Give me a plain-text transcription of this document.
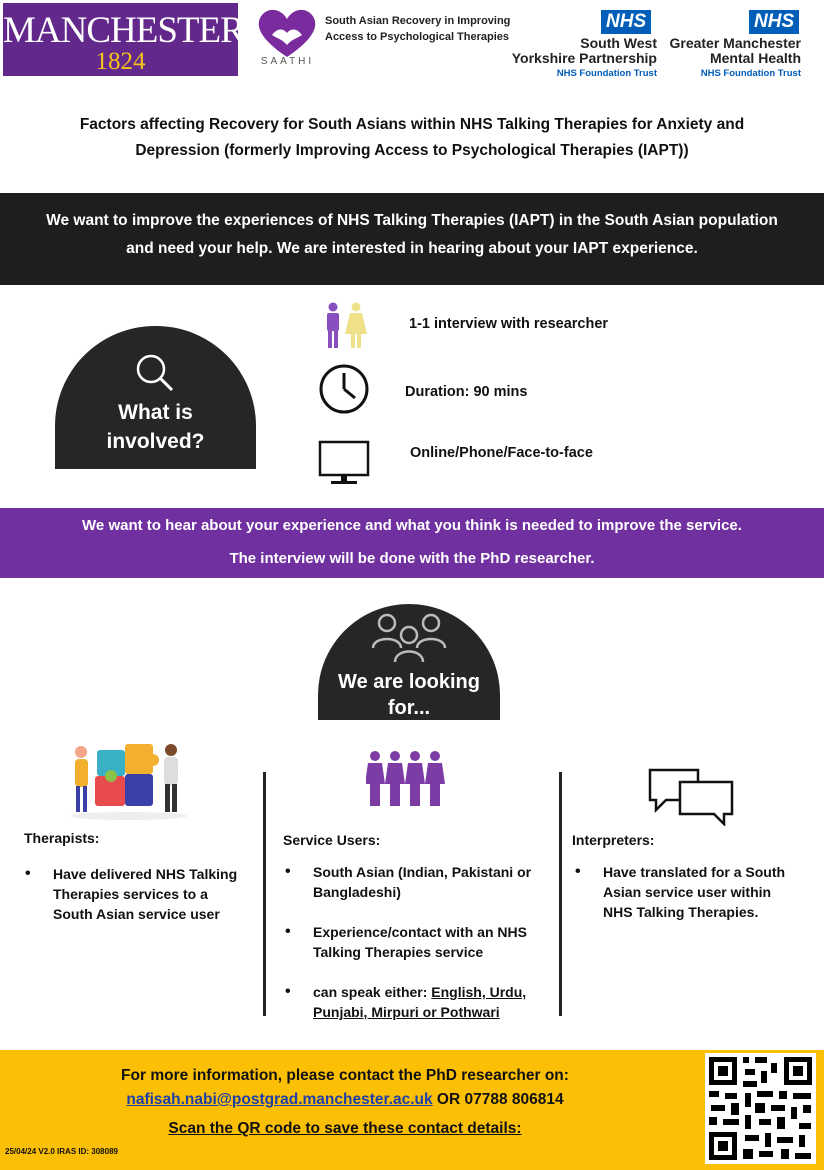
MANCHESTER
1824	SAATHI
South Asian Recovery in Improving
Access to Psychological Therapies
NHS
South West
Yorkshire Partnership
NHS Foundation Trust
NHS
Greater Manchester
Mental Health
NHS Foundation Trust
Factors affecting Recovery for South Asians within NHS Talking Therapies for Anxiety and
Depression (formerly Improving Access to Psychological Therapies (IAPT))
We want to improve the experiences of NHS Talking Therapies (IAPT) in the South Asian population
and need your help. We are interested in hearing about your IAPT experience.
What is
involved?
1-1 interview with researcher
Duration: 90 mins
Online/Phone/Face-to-face
We want to hear about your experience and what you think is needed to improve the service.
The interview will be done with the PhD researcher.
We are looking
for...
Therapists:
• Have delivered NHS Talking Therapies services to a South Asian service user
Service Users:
• South Asian (Indian, Pakistani or Bangladeshi)
• Experience/contact with an NHS Talking Therapies service
• can speak either: English, Urdu, Punjabi, Mirpuri or Pothwari
Interpreters:
• Have translated for a South Asian service user within NHS Talking Therapies.
For more information, please contact the PhD researcher on:
nafisah.nabi@postgrad.manchester.ac.uk OR 07788 806814
Scan the QR code to save these contact details:
25/04/24 V2.0 IRAS ID: 308089
